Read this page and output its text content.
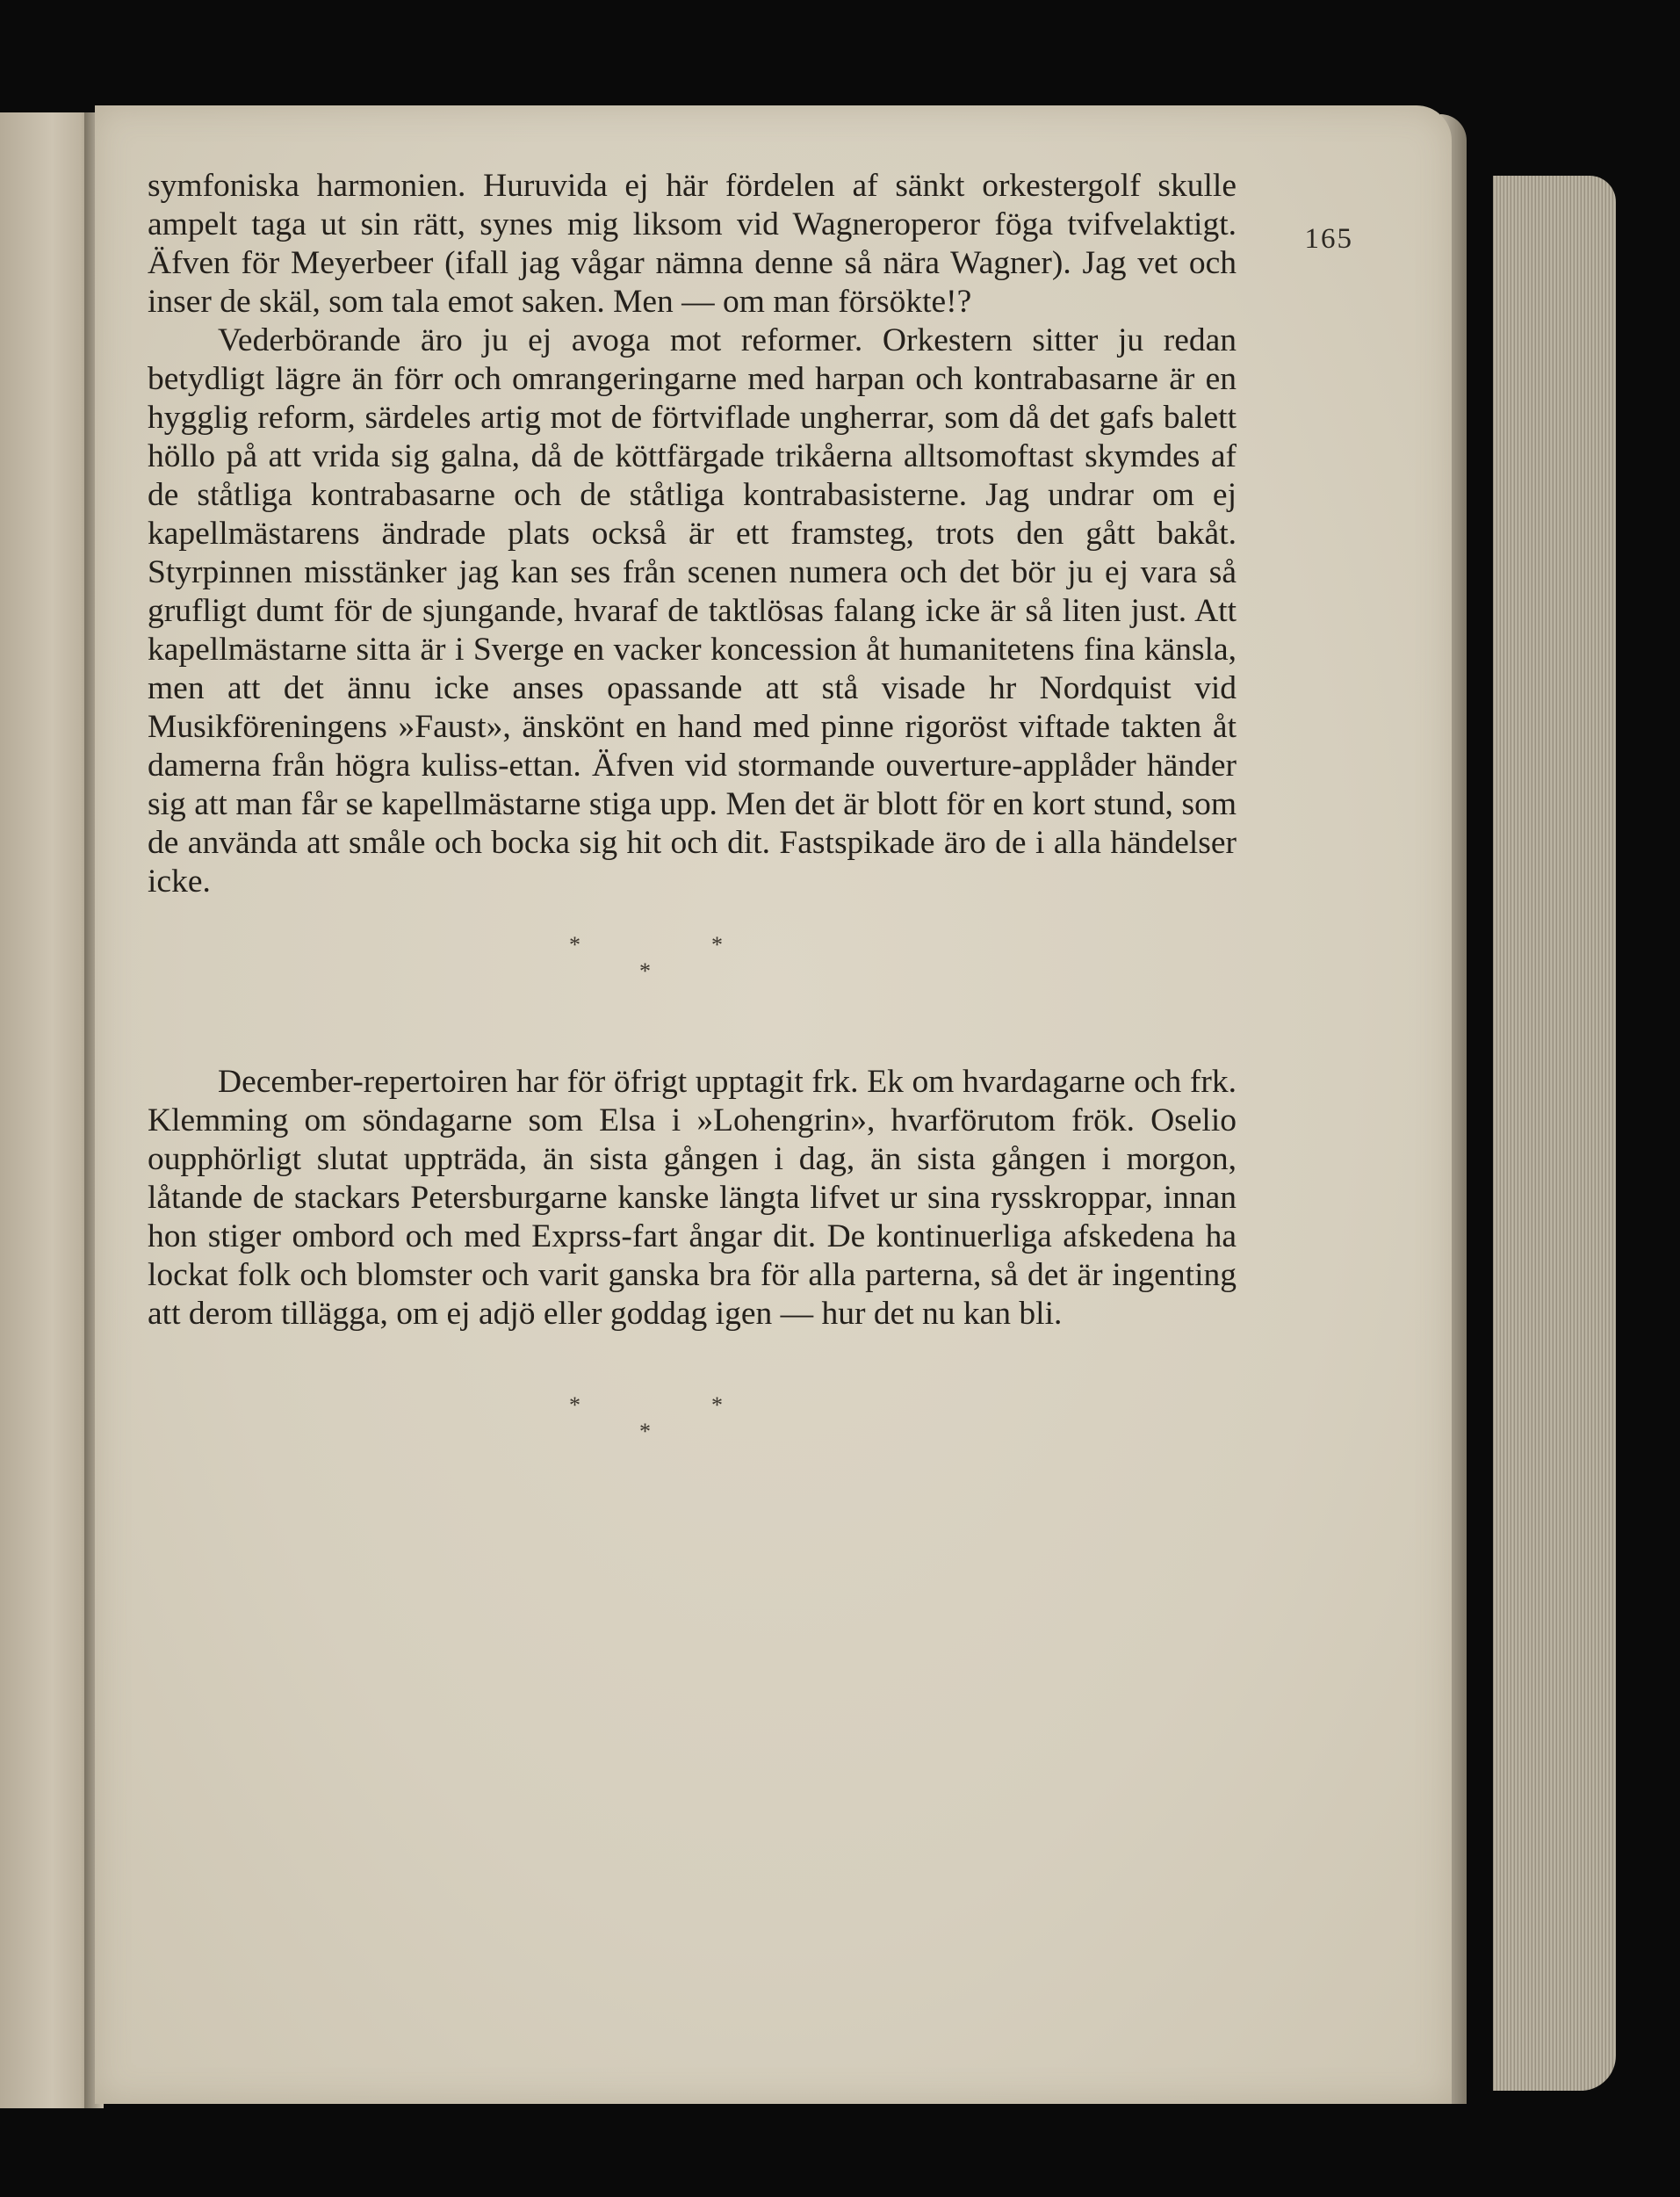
165

symfoniska harmonien. Huruvida ej här fördelen af sänkt orkestergolf skulle ampelt taga ut sin rätt, synes mig liksom vid Wagneroperor föga tvifvelaktigt. Äfven för Meyerbeer (ifall jag vågar nämna denne så nära Wagner). Jag vet och inser de skäl, som tala emot saken. Men — om man försökte!?

Vederbörande äro ju ej avoga mot reformer. Orkestern sitter ju redan betydligt lägre än förr och omrangeringarne med harpan och kontrabasarne är en hygglig reform, särdeles artig mot de förtviflade ungherrar, som då det gafs balett höllo på att vrida sig galna, då de köttfärgade trikåerna alltsomoftast skymdes af de ståtliga kontrabasarne och de ståtliga kontrabasisterne. Jag undrar om ej kapellmästarens ändrade plats också är ett framsteg, trots den gått bakåt. Styrpinnen misstänker jag kan ses från scenen numera och det bör ju ej vara så grufligt dumt för de sjungande, hvaraf de taktlösas falang icke är så liten just. Att kapellmästarne sitta är i Sverge en vacker koncession åt humanitetens fina känsla, men att det ännu icke anses opassande att stå visade hr Nordquist vid Musikföreningens »Faust», änskönt en hand med pinne rigoröst viftade takten åt damerna från högra kuliss-ettan. Äfven vid stormande ouverture-applåder händer sig att man får se kapellmästarne stiga upp. Men det är blott för en kort stund, som de använda att småle och bocka sig hit och dit. Fastspikade äro de i alla händelser icke.

*
*
*

December-repertoiren har för öfrigt upptagit frk. Ek om hvardagarne och frk. Klemming om söndagarne som Elsa i »Lohengrin», hvarförutom frök. Oselio oupphörligt slutat uppträda, än sista gången i dag, än sista gången i morgon, låtande de stackars Petersburgarne kanske längta lifvet ur sina rysskroppar, innan hon stiger ombord och med Exprss-fart ångar dit. De kontinuerliga afskedena ha lockat folk och blomster och varit ganska bra för alla parterna, så det är ingenting att derom tillägga, om ej adjö eller goddag igen — hur det nu kan bli.

*
*
*
